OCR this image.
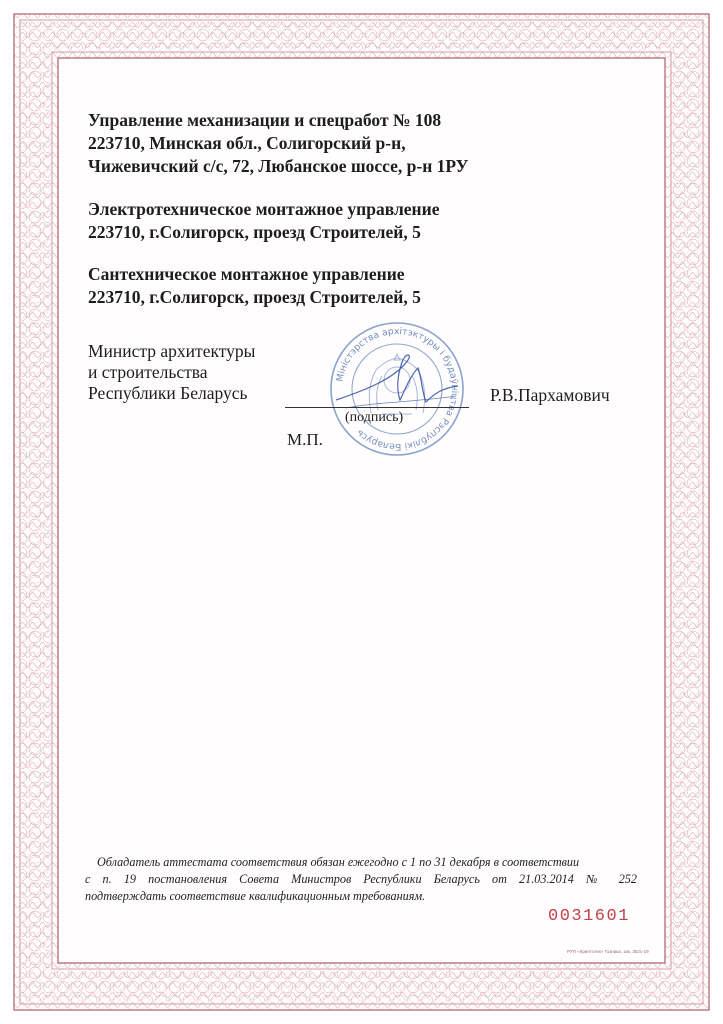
Управление механизации и спецработ № 108
223710, Минская обл., Солигорский р-н,
Чижевичский с/с, 72, Любанское шоссе, р-н 1РУ
Электротехническое монтажное управление
223710, г.Солигорск, проезд Строителей, 5
Сантехническое монтажное управление
223710, г.Солигорск, проезд Строителей, 5
Министр архитектуры
и строительства
Республики Беларусь
Міністэрства архітэктуры і будаўніцтва Рэспублікі Беларусь
(подпись)
М.П.
Р.В.Пархамович
Обладатель аттестата соответствия обязан ежегодно с 1 по 31 декабря в соответствии
с п. 19 постановления Совета Министров Республики Беларусь от 21.03.2014 № 252
подтверждать соответствие квалификационным требованиям.
0031601
РУП «Криптотех» Гознака, зак. 352с-19
